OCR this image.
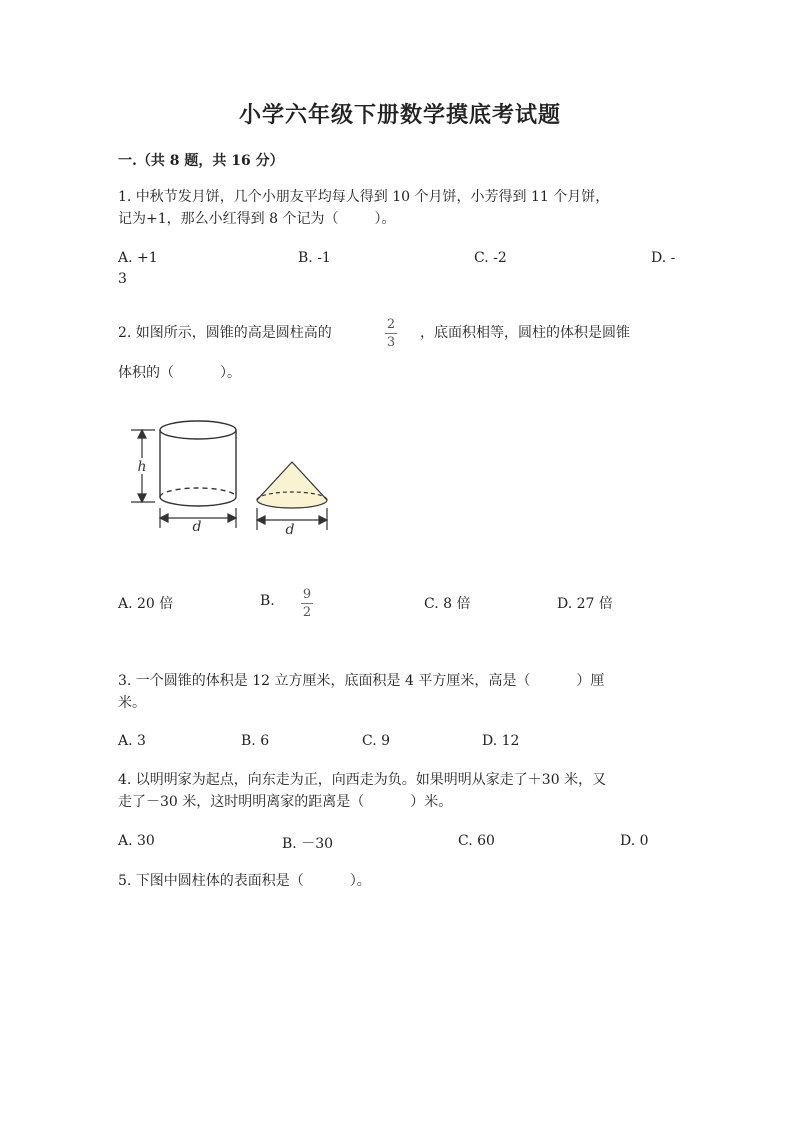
小学六年级下册数学摸底考试题
一.（共 8 题，共 16 分）
1. 中秋节发月饼，几个小朋友平均每人得到 10 个月饼，小芳得到 11 个月饼，
记为+1，那么小红得到 8 个记为（	）。
A. +1	B. -1	C. -2	D. -
3
2. 如图所示，圆锥的高是圆柱高的
2
3
，底面积相等，圆柱的体积是圆锥
体积的（	）。
h
d	d
A. 20 倍	B. 9
2
C. 8 倍	D. 27 倍
3. 一个圆锥的体积是 12 立方厘米，底面积是 4 平方厘米，高是（	）厘
米。
A. 3	B. 6	C. 9	D. 12
4. 以明明家为起点，向东走为正，向西走为负。如果明明从家走了＋30 米，又
走了－30 米，这时明明离家的距离是（	）米。
A. 30	B. －30	C. 60	D. 0
5. 下图中圆柱体的表面积是（	）。
